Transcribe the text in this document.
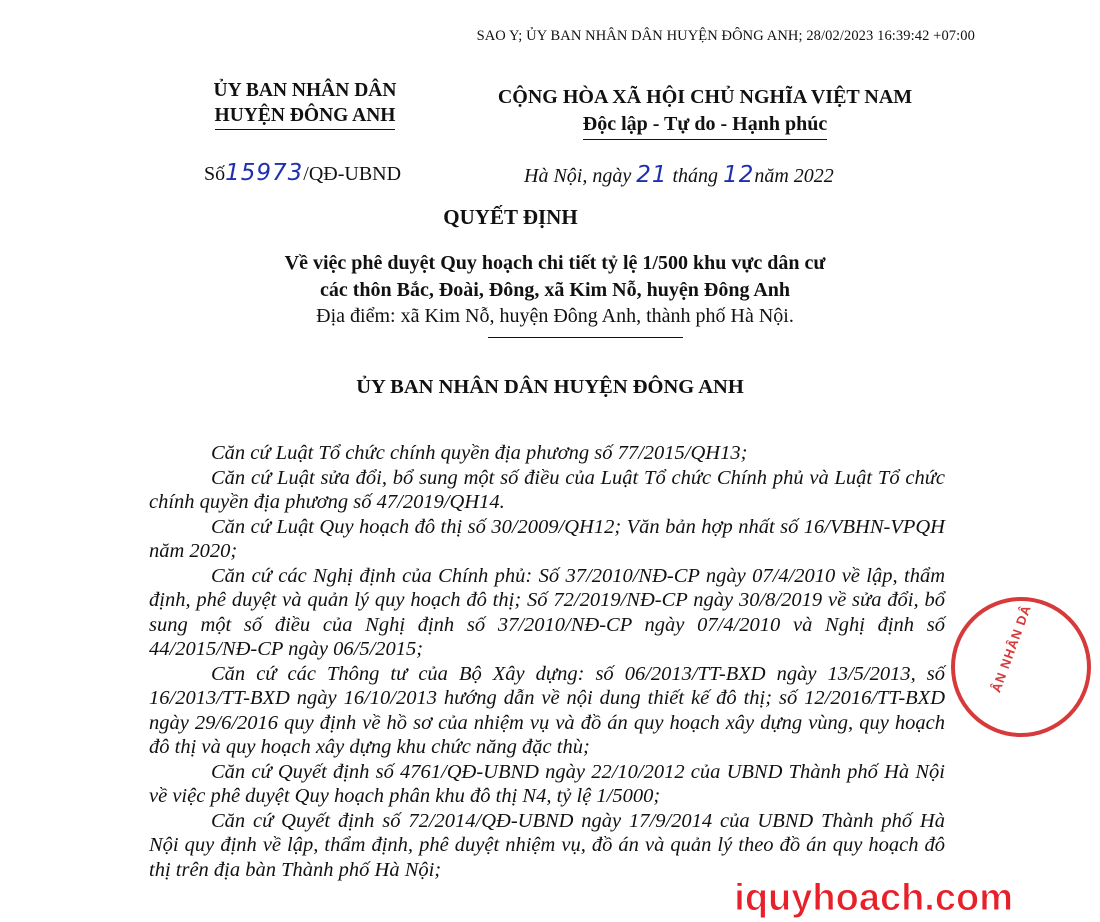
SAO Y; ỦY BAN NHÂN DÂN HUYỆN ĐÔNG ANH; 28/02/2023 16:39:42 +07:00
ỦY BAN NHÂN DÂN
HUYỆN ĐÔNG ANH
CỘNG HÒA XÃ HỘI CHỦ NGHĨA VIỆT NAM
Độc lập - Tự do - Hạnh phúc
Số15973/QĐ-UBND	Hà Nội, ngày 21 tháng 12năm 2022
QUYẾT ĐỊNH
Về việc phê duyệt Quy hoạch chi tiết tỷ lệ 1/500 khu vực dân cư
các thôn Bắc, Đoài, Đông, xã Kim Nỗ, huyện Đông Anh
Địa điểm: xã Kim Nỗ, huyện Đông Anh, thành phố Hà Nội.
ỦY BAN NHÂN DÂN HUYỆN ĐÔNG ANH

Căn cứ Luật Tổ chức chính quyền địa phương số 77/2015/QH13;

Căn cứ Luật sửa đổi, bổ sung một số điều của Luật Tổ chức Chính phủ và Luật Tổ chức chính quyền địa phương số 47/2019/QH14.

Căn cứ Luật Quy hoạch đô thị số 30/2009/QH12; Văn bản hợp nhất số 16/VBHN-VPQH năm 2020;

Căn cứ các Nghị định của Chính phủ: Số 37/2010/NĐ-CP ngày 07/4/2010 về lập, thẩm định, phê duyệt và quản lý quy hoạch đô thị; Số 72/2019/NĐ-CP ngày 30/8/2019 về sửa đổi, bổ sung một số điều của Nghị định số 37/2010/NĐ-CP ngày 07/4/2010 và Nghị định số 44/2015/NĐ-CP ngày 06/5/2015;

Căn cứ các Thông tư của Bộ Xây dựng: số 06/2013/TT-BXD ngày 13/5/2013, số 16/2013/TT-BXD ngày 16/10/2013 hướng dẫn về nội dung thiết kế đô thị; số 12/2016/TT-BXD ngày 29/6/2016 quy định về hồ sơ của nhiệm vụ và đồ án quy hoạch xây dựng vùng, quy hoạch đô thị và quy hoạch xây dựng khu chức năng đặc thù;

Căn cứ Quyết định số 4761/QĐ-UBND ngày 22/10/2012 của UBND Thành phố Hà Nội về việc phê duyệt Quy hoạch phân khu đô thị N4, tỷ lệ 1/5000;

Căn cứ Quyết định số 72/2014/QĐ-UBND ngày 17/9/2014 của UBND Thành phố Hà Nội quy định về lập, thẩm định, phê duyệt nhiệm vụ, đồ án và quản lý theo đồ án quy hoạch đô thị trên địa bàn Thành phố Hà Nội;

ÂN NHÂN DÂ
iquyhoach.com
